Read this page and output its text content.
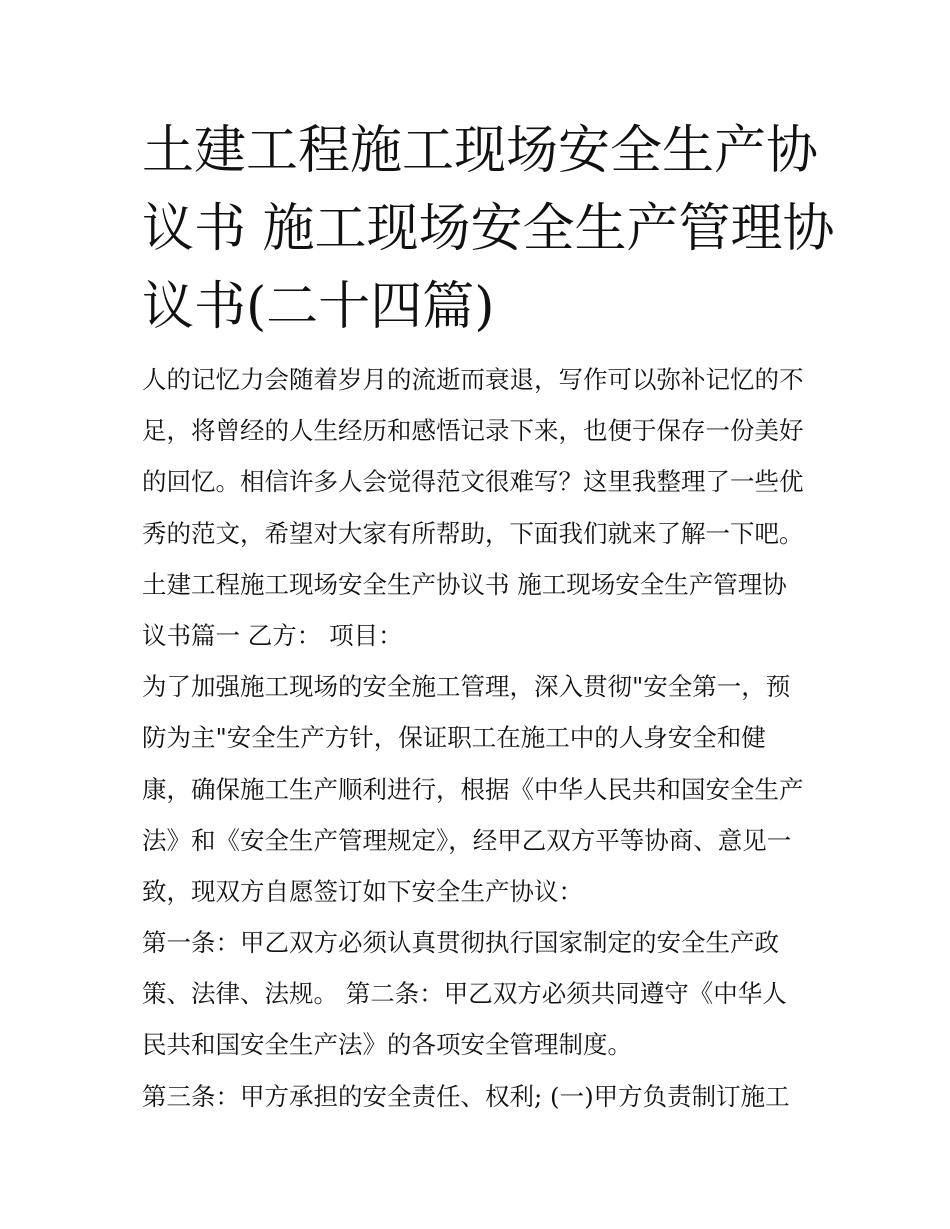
土建工程施工现场安全生产协
议书 施工现场安全生产管理协
议书(二十四篇)
人的记忆力会随着岁月的流逝而衰退，写作可以弥补记忆的不
足，将曾经的人生经历和感悟记录下来，也便于保存一份美好
的回忆。相信许多人会觉得范文很难写？这里我整理了一些优
秀的范文，希望对大家有所帮助，下面我们就来了解一下吧。
土建工程施工现场安全生产协议书 施工现场安全生产管理协
议书篇一 乙方： 项目：
为了加强施工现场的安全施工管理，深入贯彻"安全第一，预
防为主"安全生产方针，保证职工在施工中的人身安全和健
康，确保施工生产顺利进行，根据《中华人民共和国安全生产
法》和《安全生产管理规定》，经甲乙双方平等协商、意见一
致，现双方自愿签订如下安全生产协议：
第一条：甲乙双方必须认真贯彻执行国家制定的安全生产政
策、法律、法规。 第二条：甲乙双方必须共同遵守《中华人
民共和国安全生产法》的各项安全管理制度。
第三条：甲方承担的安全责任、权利; (一)甲方负责制订施工
